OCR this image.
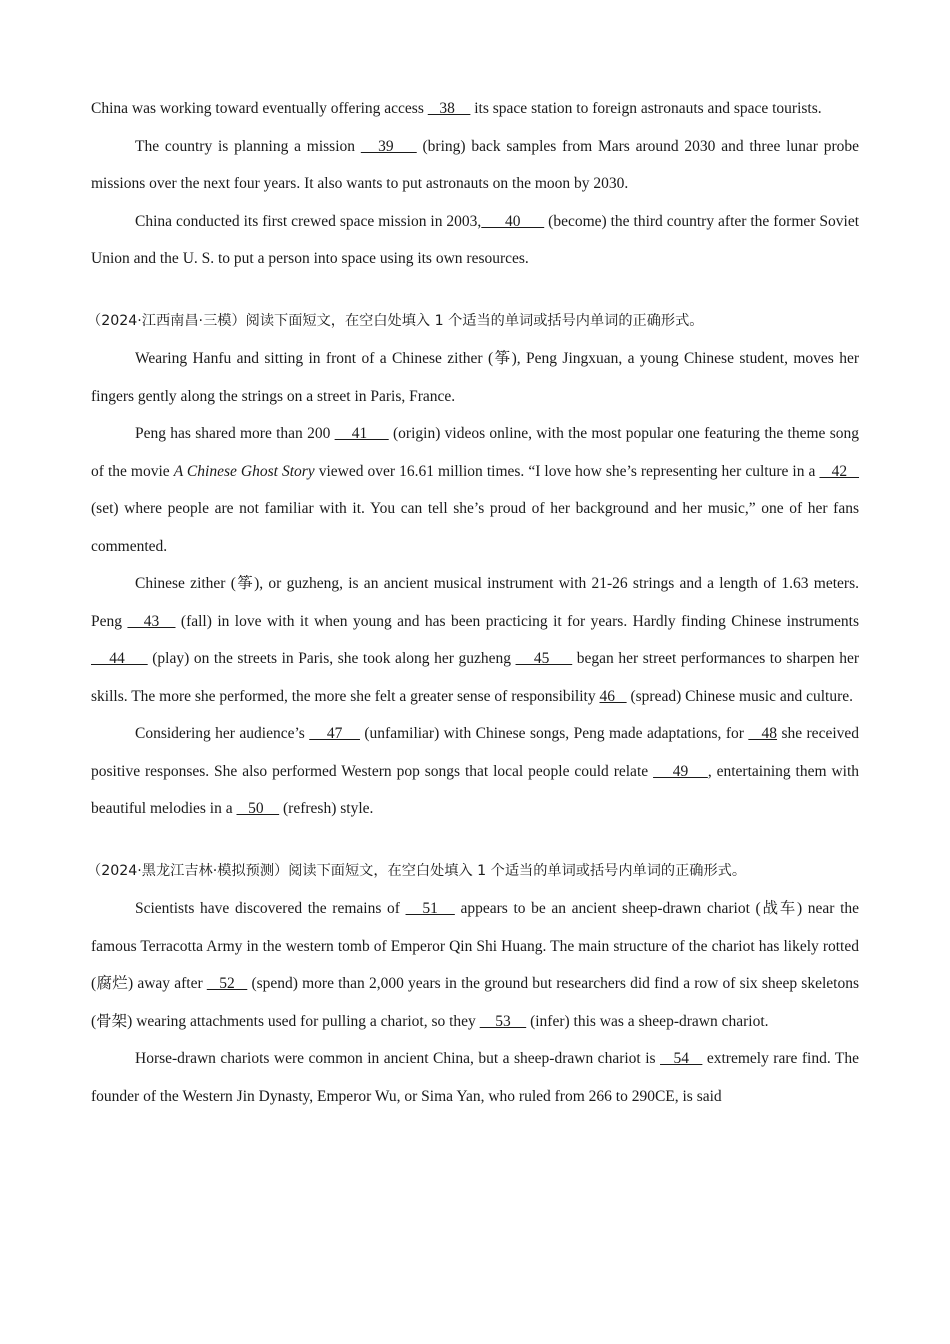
China was working toward eventually offering access    38     its space station to foreign astronauts and space tourists.

The country is planning a mission    39     (bring) back samples from Mars around 2030 and three lunar probe missions over the next four years. It also wants to put astronauts on the moon by 2030.

China conducted its first crewed space mission in 2003,      40       (become) the third country after the former Soviet Union and the U. S. to put a person into space using its own resources.

（2024·江西南昌·三模）阅读下面短文，在空白处填入 1 个适当的单词或括号内单词的正确形式。

Wearing Hanfu and sitting in front of a Chinese zither (筝), Peng Jingxuan, a young Chinese student, moves her fingers gently along the strings on a street in Paris, France.

Peng has shared more than 200     41      (origin) videos online, with the most popular one featuring the theme song of the movie A Chinese Ghost Story viewed over 16.61 million times. “I love how she’s representing her culture in a    42    (set) where people are not familiar with it. You can tell she’s proud of her background and her music,” one of her fans commented.

Chinese zither (筝), or guzheng, is an ancient musical instrument with 21-26 strings and a length of 1.63 meters. Peng    43    (fall) in love with it when young and has been practicing it for years. Hardly finding Chinese instruments     44      (play) on the streets in Paris, she took along her guzheng     45      began her street performances to sharpen her skills. The more she performed, the more she felt a greater sense of responsibility 46    (spread) Chinese music and culture.

Considering her audience’s     47     (unfamiliar) with Chinese songs, Peng made adaptations, for    48 she received positive responses. She also performed Western pop songs that local people could relate     49    , entertaining them with beautiful melodies in a    50     (refresh) style.

（2024·黑龙江吉林·模拟预测）阅读下面短文，在空白处填入 1 个适当的单词或括号内单词的正确形式。

Scientists have discovered the remains of    51    appears to be an ancient sheep-drawn chariot (战车) near the famous Terracotta Army in the western tomb of Emperor Qin Shi Huang. The main structure of the chariot has likely rotted (腐烂) away after    52    (spend) more than 2,000 years in the ground but researchers did find a row of six sheep skeletons (骨架) wearing attachments used for pulling a chariot, so they     53     (infer) this was a sheep-drawn chariot.

Horse-drawn chariots were common in ancient China, but a sheep-drawn chariot is    54    extremely rare find. The founder of the Western Jin Dynasty, Emperor Wu, or Sima Yan, who ruled from 266 to 290CE, is said
